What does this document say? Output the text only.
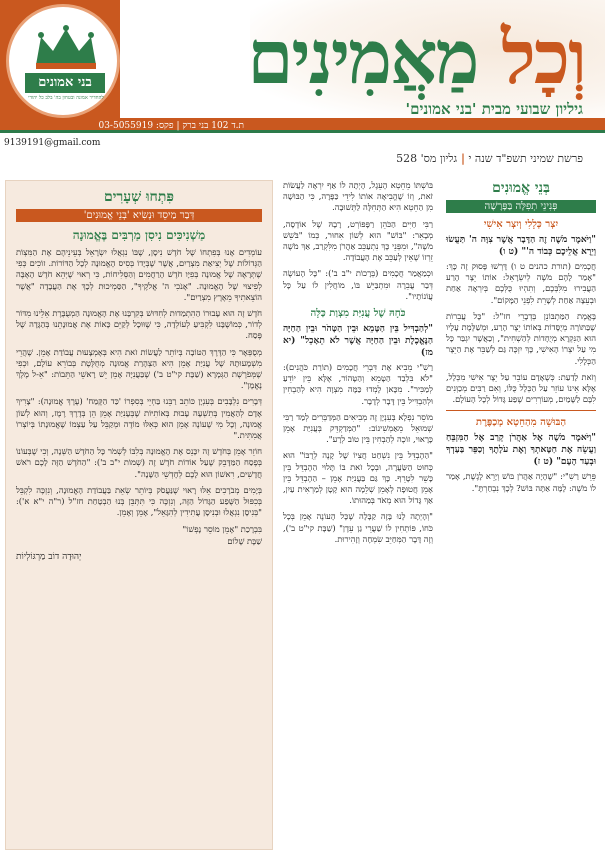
וְכָל מַאֲמִינִים
גיליון שבועי מבית 'בני אמונים'
פרשת שמיני תשפ"ד שנה י | גליון מס' 528
בני אמונים
להחדיר אמונה ובטחון בה' בלב כל יהודי
ת.ד 102 בני ברק | פקס: 03-5055919
9139191@gmail.com
פִּתְחוּ שְׁעָרִים
דְּבַר מַיסֵד וּנְשִׂיא 'בְּנֵי אֱמוּנִים'
מַשְׁנִיכִּים נִיסִן מַרְבִּים בֶּאֱמוּנָה

עוֹמְדִים אָנוּ בְּפִתְחוֹ שֶׁל חֹדֶשׁ נִיסָן, שֶׁבּוֹ נִגְאֲלוּ יִשְׂרָאֵל בְּעֵינֵיהֶם אֶת הַמִּצְוֹת הַגְּדוֹלוֹת שֶׁל יְצִיאַת מִצְרַיִם, אֲשֶׁר שֶׁבְּיָדוֹ בְּסִיס הָאֱמוּנָה לְכָל הַדּוֹרוֹת. זוֹכִים כְּפִי שֶׁתְּרָאֶה שֶׁל אֱמוּנָה בְּפִיָּו חֹדֶשׁ הָרַחֲמִים וְהַסְּלִיחוֹת, כִּי רְאוּי שֶׁיְּהֵא חֹדֶשׁ הָאֶבֶּה לְפִיצוּי שֶׁל הָאֱמוּנָה. "אָנֹכִי ה' אֱלֹקֶיךָ", הַסַּמְיכוּת לְכָךְ אֶת הַעֲבָדָה "אֲשֶׁר הוֹצֵאתִיךָ מֵאֶרֶץ מִצְרַיִם".

חֹדֶשׁ זֶה הוּא עָבוּרוֹ הַהִתְמַדוּת לְחִדּוּשׁ בְּקִרְבָּנוּ אֶת הָאֱמוּנָה הַמְעֻבֶּרֶת אֵלֵינוּ מִדּוֹר לְדוֹר, כְּמוֹשֶׁבָּנוּ לִקְבִּיעַ לְעוֹלְדָה, כִּי שֶׁוּוּכָל לְקַיֵּם כָּאוֹת אֶת אֲמוּנָתֵנוּ בְּהַגָּדָה שֶׁל פֶּסַח.

מְסֻפְּאָר כִּי הַדֶּרֶךְ הַטּוֹבָה בְּיוֹתֵר לַעֲשׂוֹת זֹאת הִיא בְּאֶמְצָעוּת עֲבוֹדַת אָמֵן. שֶׁהֲרֵי מִשְׁמָעוּתָהּ שֶׁל עֲנִיַּת אָמֵן הִיא הַצְהָרַת אֱמוּנָה מְחֻלֶּטֶת בְּבוֹרֵא עוֹלָם, וּכְפִי שֶׁמְּפֹרֶשֶׁת הַגְּמָרָא (שַׁבָּת קי"ט ב') שֶׁבַּעֲנִיָּה אָמֵן יֵשׁ רָאשֵׁי הַתֵּבוֹת: "אֵ-ל מֶלֶךְ נֶאֱמָן".

דְּבָרִים נִלְבָּבִים בְּעִנְיָן כּוֹתֵב רַבֵּנוּ בַּחְיֵי בְּסִפְרוֹ 'כַּד הַקֶּמַח' (עֶרֶךְ אֱמוּנָה): "צָרִיךְ אָדָם לְהַאֲמִין בְּתִשְׁעָה עָבוּת בְּאוֹתִיּוֹת שֶׁבְּעָנִיַּת אָמֵן הֵן בְּדֶרֶךְ רֶמֶז, וְהוּא לְשׁוֹן אֱמוּנָה, וְכָל מִי שֶׁעוֹנֶה אָמֵן הוּא כְּאִלּוּ מוֹדֶה וּמְקַבֵּל עַל עַצְמוֹ שֶׁאֱמוּנָתוֹ בְּיוֹצְרוֹ אֲמִתִּית."

חוֹזֵר אָמֵן בְּחֹדֶשׁ זֶה יִכָּנֵס אֶת הָאֱמוּנָה בְּלִבּוֹ לְשְׁמֹר כָּל הַחֹדֶשׁ הַשְּׁנָה, וְכִי שֶׁבְּעוֹנוֹ בְּפֶסַח הַמַּדָּבֵק שֶׁעַל אוֹדוֹת חֹדֶשׁ זֶה (שְׁמוֹת י"ב ב'): "הַחֹדֶשׁ הַזֶּה לָכֶם רֹאשׁ חֳדָשִׁים, רִאשׁוֹן הוּא לָכֶם לְחָדְשֵׁי הַשָּׁנָה".

בְּיָמִים מְבֹרָכִים אֵלּוּ רָאוּי שֶׁנַּעֲסֹק בְּיוֹתֵר שְׂאֵת בַּעֲבוֹדַת הָאֱמוּנָה, וְנִזְכֶּה לִקְבֵּל בְּכִפּוּל הַשֶּׁפַע הַגָּדוֹל הַזֶּה, וְנִזְכֶּה כִּי תִּתְּבֵּן בְּנוּ הַבְטָחַת חז"ל (ר"ה י"א א'): "בְּנִיסָן נִגְאֲלוּ וּבְנִיסָן עֲתִידִין לְהִגָּאֵל", אָמֵן וְאָמֵן.

בִּבְרָכַת "אָמֵן מוֹסֵר נָפְשׁוֹ"
שַׁבָּת שָׁלוֹם
יְהוּדָה דוֹב מַרְגּוֹלְיוֹת

בּוֹשְׁתּוֹ מֵחֵטְא הָעֵגֶל, הָיְתָה לוֹ אַף יִרְאָה לַעֲשׂוֹת זֹאת, וְזוֹ שֶׁהֱבִיאָה אוֹתוֹ לִידֵי כַּפָּרָה, כִּי הַבּוּשָׁה מִן הַחֵטְא הִיא הַתְּחִלָּה לַתְּשׁוּבָה.

רַבִּי חַיִּים הַכֹּהֵן רַפָּפּוֹרְט, רָבָהּ שֶׁל אוֹדֶסָה, מְבָאֵר: "בּוֹשׁ" הוּא לְשׁוֹן אִחוּר, כְּמוֹ "בֹּשֵׁשׁ מֹשֶׁה", וּמִפְּנֵי כָּךְ נִתְעַכֵּב אַהֲרֹן מִלִּקְרַב, אַךְ מֹשֶׁה זֵרְזוֹ שֶׁאֵין לְעַכֵּב אֶת הָעֲבוֹדָה.

וּכְמַאֲמַר חֲכָמִים (בְּרָכוֹת י"ב ב'): "כָּל הָעוֹשֶׂה דְּבַר עֲבֵרָה וּמִתְבַּיֵּשׁ בּוֹ, מוֹחֲלִין לוֹ עַל כָּל עֲוֹנוֹתָיו".

כֹּחָהּ שֶׁל עֲנִיַּת מִצְוַת כַּלָּה

"לְהַבְדִּיל בֵּין הַטָּמֵא וּבֵין הַטָּהֹר וּבֵין הַחַיָּה הַנֶּאֱכֶלֶת וּבֵין הַחַיָּה אֲשֶׁר לֹא תֵאָכֵל" (יא מז)

רַשִׁ"י מֵבִיא אֶת דִּבְרֵי חֲכָמִים (תוֹרַת כֹּהֲנִים): "לֹא בִּלְבַד הַטָּמֵא וְהַטָּהוֹר, אֶלָּא בֵּין יוֹדֵעַ לְמַכִּיר". מִכָּאן לָמְדוּ כַּמָּה מִצְוָה הִיא לְהַבְחִין וּלְהַבְדִּיל בֵּין דָּבָר לְדָבָר.

מוֹסֵר נִפְלָא בְּעִנְיָן זֶה מְבִיאִים הַמְּדַבְּרִים לְמַד רַבִּי שְׁמוּאֵל מֵאַמְשִׁינוֹב: "הַמְּדַקְדֵּק בְּעֲנִיַּת אָמֵן כָּרָאוּי, זוֹכֶה לְהַבְחִין בֵּין טוֹב לְרָע".

"הַהֶבְדֵּל בֵּין נִשְׁחַט חֲצִיוֹ שֶׁל קָנֶה לְרֻבּוֹ" הוּא כְּחוּט הַשַּׂעֲרָה, וּבְכָל זֹאת בּוֹ תָּלוּי הַהֶבְדֵּל בֵּין כָּשֵׁר לִטָרֵף. כָּךְ גַּם בַּעֲנִיַּת אָמֵן – הַהֶבְדֵּל בֵּין אָמֵן חֲטוּפָה לְאָמֵן שְׁלֵמָה הוּא קָטָן לְמַרְאִית עַיִן, אַךְ גָּדוֹל הוּא מְאֹד בְּמַהוּתוֹ.

"וְהָיְתָה לָנוּ בָּזֶה קַבָּלָה שֶׁכָּל הָעוֹנֶה אָמֵן בְּכָל כֹּחוֹ, פּוֹתְחִין לוֹ שַׁעֲרֵי גַן עֵדֶן" (שַׁבָּת קי"ט ב'), וְזֶה דָּבָר הַמְּחַיֵּב שִׂמְחָה וְזָהִירוּת.

בְּנֵי אֱמוּנִים
פְּנִינֵי תְפִלָּה בַּפָּרָשָׁה
יִצְר כְּלָלִי וְיִצְר אִישִׁי

"וַיֹּאמֶר מֹשֶׁה זֶה הַדָּבָר אֲשֶׁר צִוָּה ה' תַּעֲשׂוּ וְיֵרָא אֲלֵיכֶם כְּבוֹד ה'" (ט ו)

חֲכָמִים (תורת כהנים ט ו) דָּרְשׁוּ פָּסוּק זֶה כָּךְ: "אָמַר לָהֶם מֹשֶׁה לְיִשְׂרָאֵל: אוֹתוֹ יֵצֶר הָרַע הַעֲבִירוּ מִלִּבְּכֶם, וְתִהְיוּ כֻּלְּכֶם בְּיִרְאָה אַחַת וּבְעֵצָה אַחַת לְשָׁרֵת לִפְנֵי הַמָּקוֹם".

בֶּאֱמֶת הַמַּתְבּוֹנֵן בְּדְבָרֵי חז"ל: "כָּל עֲבֵרוֹת שֶׁבַּתּוֹרָה מְיֻסָּדוֹת בְּאוֹתוֹ יֵצֶר הָרַע, וּמְשַׁלֶּמֶת עָלָיו הוּא הַנִּקְרָא מְיֻחָדוֹת לְהַשְׁחִית", וְכַאֲשֶׁר יִגְבַּר כָּל מִי עַל יִצְרוֹ הָאִישִׁי, כָּךְ יִזְכֶּה גַּם לְשַׁבֵּר אֶת הַיֵּצֶר הַכְּלָלִי.

וְזֹאת לָדַעַת: כְּשֶׁאָדָם עוֹבֵר עַל יֵצֶר אִישִׁי מִכְּלָל, אֶלָּא אֵינוֹ עוֹזֵר עַל הַכְּלָל כֻּלּוֹ, וְאִם רַבִּים מְכַוְּנִים לִבָּם לַשָּׁמַיִם, מְעוֹרְרִים שֶׁפַע גָּדוֹל לְכָל הָעוֹלָם.

הַבּוּשָׁה מִהַחֵטְא מְכַפֶּרֶת

"וַיֹּאמֶר מֹשֶׁה אֶל אַהֲרֹן קְרַב אֶל הַמִּזְבֵּחַ וַעֲשֵׂה אֶת חַטָּאתְךָ וְאֶת עֹלָתֶךָ וְכַפֵּר בַּעַדְךָ וּבְעַד הָעָם" (ט ז)

פֵּרֵשׁ רַשִׁ"י: "שֶׁהָיָה אַהֲרֹן בּוֹשׁ וְיָרֵא לָגֶשֶׁת, אָמַר לוֹ מֹשֶׁה: לָמָּה אַתָּה בּוֹשׁ? לְכָךְ נִבְחַרְתָּ".
